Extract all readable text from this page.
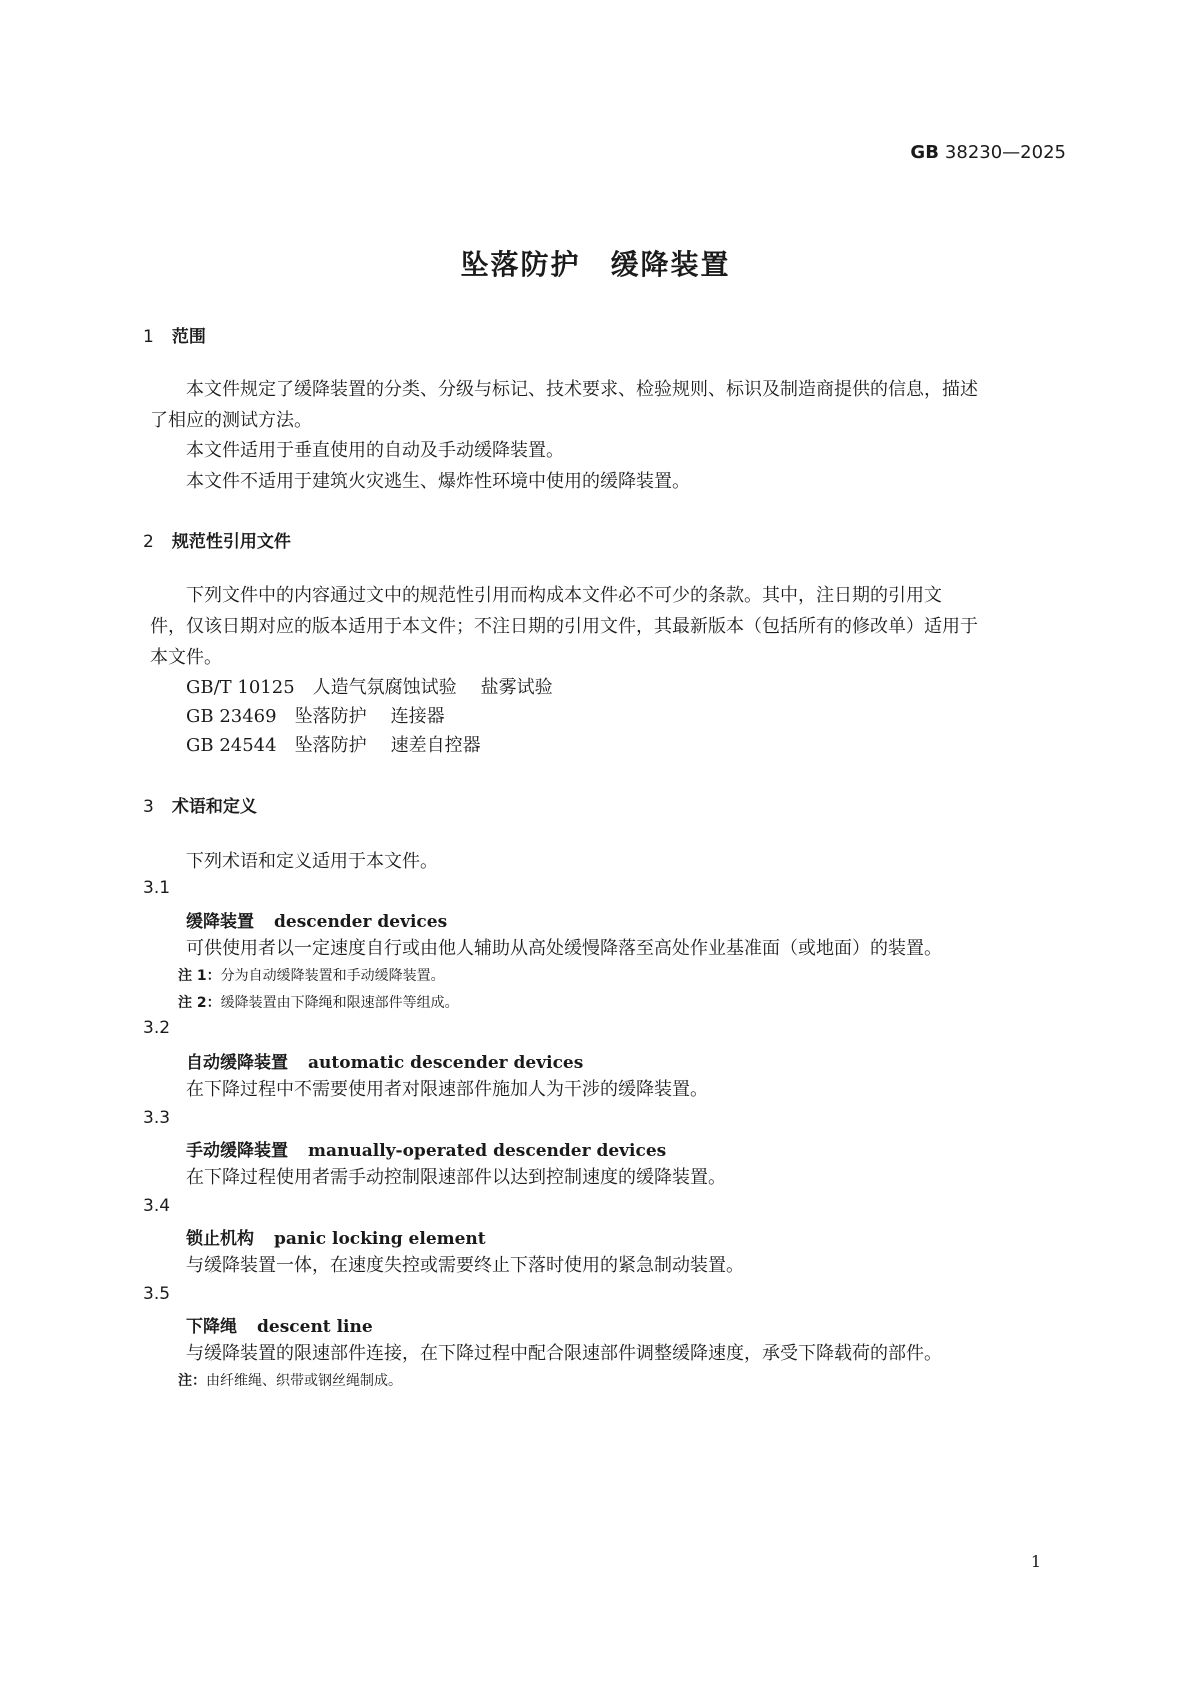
GB 38230—2025
坠落防护 缓降装置
1 范围
本文件规定了缓降装置的分类、分级与标记、技术要求、检验规则、标识及制造商提供的信息，描述
了相应的测试方法。
本文件适用于垂直使用的自动及手动缓降装置。
本文件不适用于建筑火灾逃生、爆炸性环境中使用的缓降装置。
2 规范性引用文件
下列文件中的内容通过文中的规范性引用而构成本文件必不可少的条款。其中，注日期的引用文
件，仅该日期对应的版本适用于本文件；不注日期的引用文件，其最新版本（包括所有的修改单）适用于
本文件。
GB/T 10125 人造气氛腐蚀试验 盐雾试验
GB 23469 坠落防护 连接器
GB 24544 坠落防护 速差自控器
3 术语和定义
下列术语和定义适用于本文件。
3.1
缓降装置 descender devices
可供使用者以一定速度自行或由他人辅助从高处缓慢降落至高处作业基准面（或地面）的装置。
注 1：分为自动缓降装置和手动缓降装置。
注 2：缓降装置由下降绳和限速部件等组成。
3.2
自动缓降装置 automatic descender devices
在下降过程中不需要使用者对限速部件施加人为干涉的缓降装置。
3.3
手动缓降装置 manually-operated descender devices
在下降过程使用者需手动控制限速部件以达到控制速度的缓降装置。
3.4
锁止机构 panic locking element
与缓降装置一体，在速度失控或需要终止下落时使用的紧急制动装置。
3.5
下降绳 descent line
与缓降装置的限速部件连接，在下降过程中配合限速部件调整缓降速度，承受下降载荷的部件。
注：由纤维绳、织带或钢丝绳制成。
1
